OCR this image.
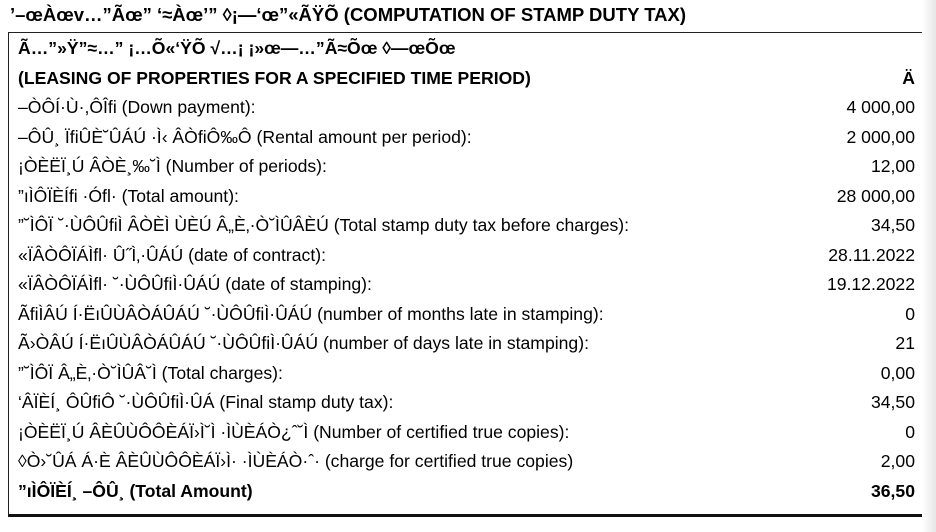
’–œÀœv…”Ãœ” ‘≈Àœ’” ◊¡—‘œ”«ÃŸÕ (COMPUTATION OF STAMP DUTY TAX)
Ã…”»Ÿ”≈…” ¡…Õ«‘ŸÕ √…¡ ¡»œ—…”Ã≈Õœ ◊—œÕœ
(LEASING OF PROPERTIES FOR A SPECIFIED TIME PERIOD)	Ä
–ÒÔÍ·Ù·,ÔÎfi (Down payment):	4 000,00
–ÔÛ¸ ÏfiÛÈ˘ÛÁÚ ·Ì‹ ÂÒfiÔ‰Ô (Rental amount per period):	2 000,00
¡ÒÈËÏ¸Ú ÂÒÈ¸‰˘Ì (Number of periods):	12,00
”ıÌÔÏÈÍfi ·Ófl· (Total amount):	28 000,00
”˘ÌÔÏ ˘·ÙÔÛfiÌ ÂÒÈÌ ÙÈÚ Â„È‚·Ò˘ÌÛÂÈÚ (Total stamp duty tax before charges):	34,50
«ÏÂÒÔÏÁÌfl· Û˝Ì‚·ÛÁÚ (date of contract):	28.11.2022
«ÏÂÒÔÏÁÌfl· ˘·ÙÔÛfiÌ·ÛÁÚ (date of stamping):	19.12.2022
ÃfiÌÂÚ Í·ËıÛÙÂÒÁÛÁÚ ˘·ÙÔÛfiÌ·ÛÁÚ (number of months late in stamping):	0
Ã›ÒÂÚ Í·ËıÛÙÂÒÁÛÁÚ ˘·ÙÔÛfiÌ·ÛÁÚ (number of days late in stamping):	21
”˘ÌÔÏ Â„È‚·Ò˘ÌÛÂ˘Ì (Total charges):	0,00
‘ÂÏÈÍ¸ ÔÛfiÔ ˘·ÙÔÛfiÌ·ÛÁ (Final stamp duty tax):	34,50
¡ÒÈËÏ¸Ú ÂÈÛÙÔÔÈÁÏ›Ì˘Ì ·ÌÙÈÁÒ¿ˆ˘Ì (Number of certified true copies):	0
◊Ò›˘ÛÁ Á·È ÂÈÛÙÔÔÈÁÏ›Ì· ·ÌÙÈÁÒ·ˆ· (charge for certified true copies)	2,00
”ıÌÔÏÈÍ¸ –ÔÛ¸ (Total Amount)	36,50
